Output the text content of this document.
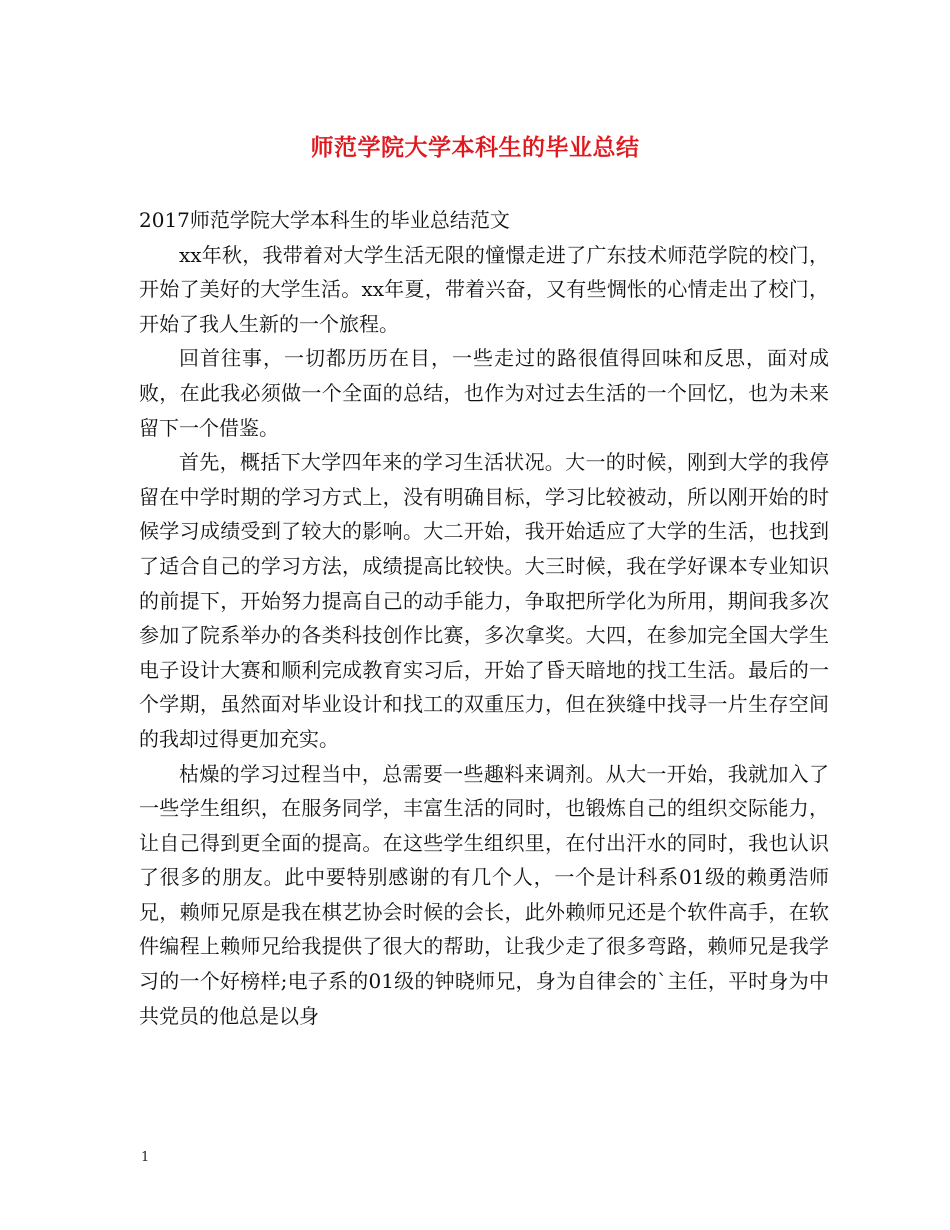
师范学院大学本科生的毕业总结

2017师范学院大学本科生的毕业总结范文

xx年秋，我带着对大学生活无限的憧憬走进了广东技术师范学院的校门，开始了美好的大学生活。xx年夏，带着兴奋，又有些惆怅的心情走出了校门，开始了我人生新的一个旅程。

回首往事，一切都历历在目，一些走过的路很值得回味和反思，面对成败，在此我必须做一个全面的总结，也作为对过去生活的一个回忆，也为未来留下一个借鉴。

首先，概括下大学四年来的学习生活状况。大一的时候，刚到大学的我停留在中学时期的学习方式上，没有明确目标，学习比较被动，所以刚开始的时候学习成绩受到了较大的影响。大二开始，我开始适应了大学的生活，也找到了适合自己的学习方法，成绩提高比较快。大三时候，我在学好课本专业知识的前提下，开始努力提高自己的动手能力，争取把所学化为所用，期间我多次参加了院系举办的各类科技创作比赛，多次拿奖。大四，在参加完全国大学生电子设计大赛和顺利完成教育实习后，开始了昏天暗地的找工生活。最后的一个学期，虽然面对毕业设计和找工的双重压力，但在狭缝中找寻一片生存空间的我却过得更加充实。

枯燥的学习过程当中，总需要一些趣料来调剂。从大一开始，我就加入了一些学生组织，在服务同学，丰富生活的同时，也锻炼自己的组织交际能力，让自己得到更全面的提高。在这些学生组织里，在付出汗水的同时，我也认识了很多的朋友。此中要特别感谢的有几个人，一个是计科系01级的赖勇浩师兄，赖师兄原是我在棋艺协会时候的会长，此外赖师兄还是个软件高手，在软件编程上赖师兄给我提供了很大的帮助，让我少走了很多弯路，赖师兄是我学习的一个好榜样;电子系的01级的钟晓师兄，身为自律会的`主任，平时身为中共党员的他总是以身

1
